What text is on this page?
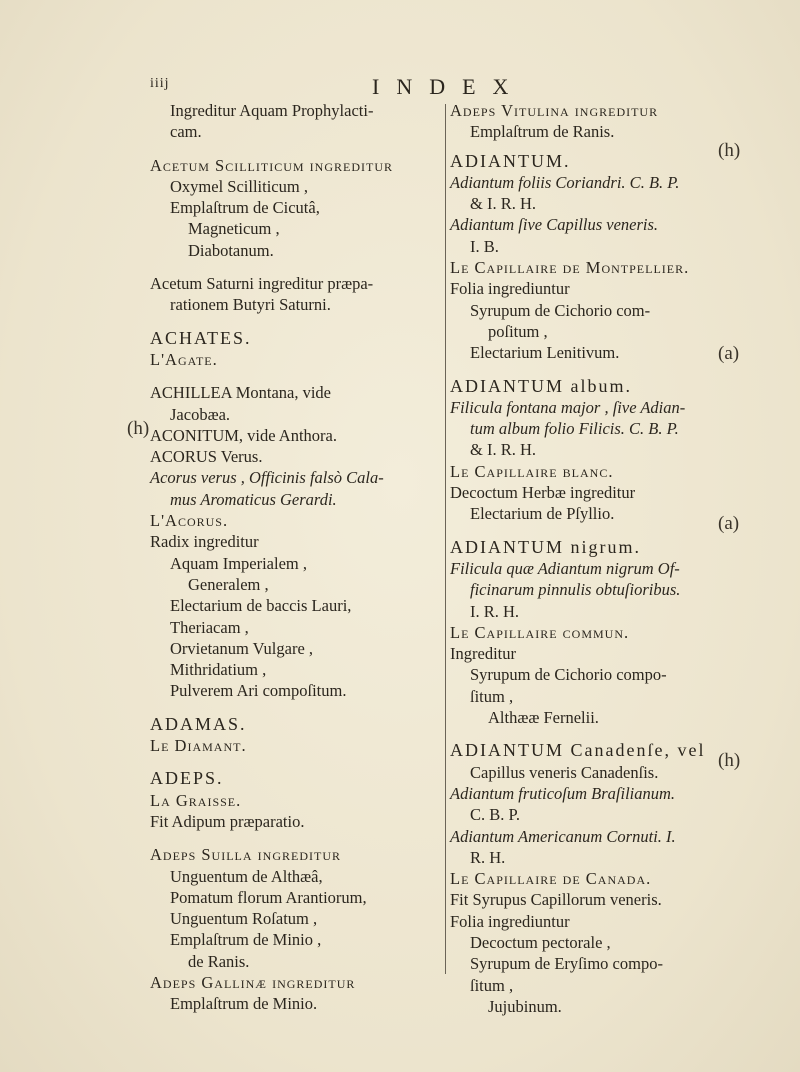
iiij	INDEX
Ingreditur Aquam Prophylacti-
cam.
Acetum Scilliticum ingreditur
Oxymel Scilliticum ,
Emplaſtrum de Cicutâ,
Magneticum ,
Diabotanum.
Acetum Saturni ingreditur præpa-
rationem Butyri Saturni.
ACHATES.
L'Agate.
ACHILLEA Montana, vide
Jacobæa.
ACONITUM, vide Anthora.
ACORUS Verus.
Acorus verus , Officinis falsò Cala-
mus Aromaticus Gerardi.
L'Acorus.
Radix ingreditur
Aquam Imperialem ,
Generalem ,
Electarium de baccis Lauri,
Theriacam ,
Orvietanum Vulgare ,
Mithridatium ,
Pulverem Ari compoſitum.
ADAMAS.
Le Diamant.
ADEPS.
La Graisse.
Fit Adipum præparatio.
Adeps Suilla ingreditur
Unguentum de Althæâ,
Pomatum florum Arantiorum,
Unguentum Roſatum ,
Emplaſtrum de Minio ,
de Ranis.
Adeps Gallinæ ingreditur
Emplaſtrum de Minio.
Adeps Vitulina ingreditur
Emplaſtrum de Ranis.
ADIANTUM.
Adiantum foliis Coriandri. C. B. P.
& I. R. H.
Adiantum ſive Capillus veneris.
I. B.
Le Capillaire de Montpellier.
Folia ingrediuntur
Syrupum de Cichorio com-
poſitum ,
Electarium Lenitivum.
ADIANTUM album.
Filicula fontana major , ſive Adian-
tum album folio Filicis. C. B. P.
& I. R. H.
Le Capillaire blanc.
Decoctum Herbæ ingreditur
Electarium de Pſyllio.
ADIANTUM nigrum.
Filicula quæ Adiantum nigrum Of-
ficinarum pinnulis obtuſioribus.
I. R. H.
Le Capillaire commun.
Ingreditur
Syrupum de Cichorio compo-
ſitum ,
Althææ Fernelii.
ADIANTUM Canadenſe, vel
Capillus veneris Canadenſis.
Adiantum fruticoſum Braſilianum.
C. B. P.
Adiantum Americanum Cornuti. I.
R. H.
Le Capillaire de Canada.
Fit Syrupus Capillorum veneris.
Folia ingrediuntur
Decoctum pectorale ,
Syrupum de Eryſimo compo-
ſitum ,
Jujubinum.
(h)
(h)
(a)
(a)
(h)
